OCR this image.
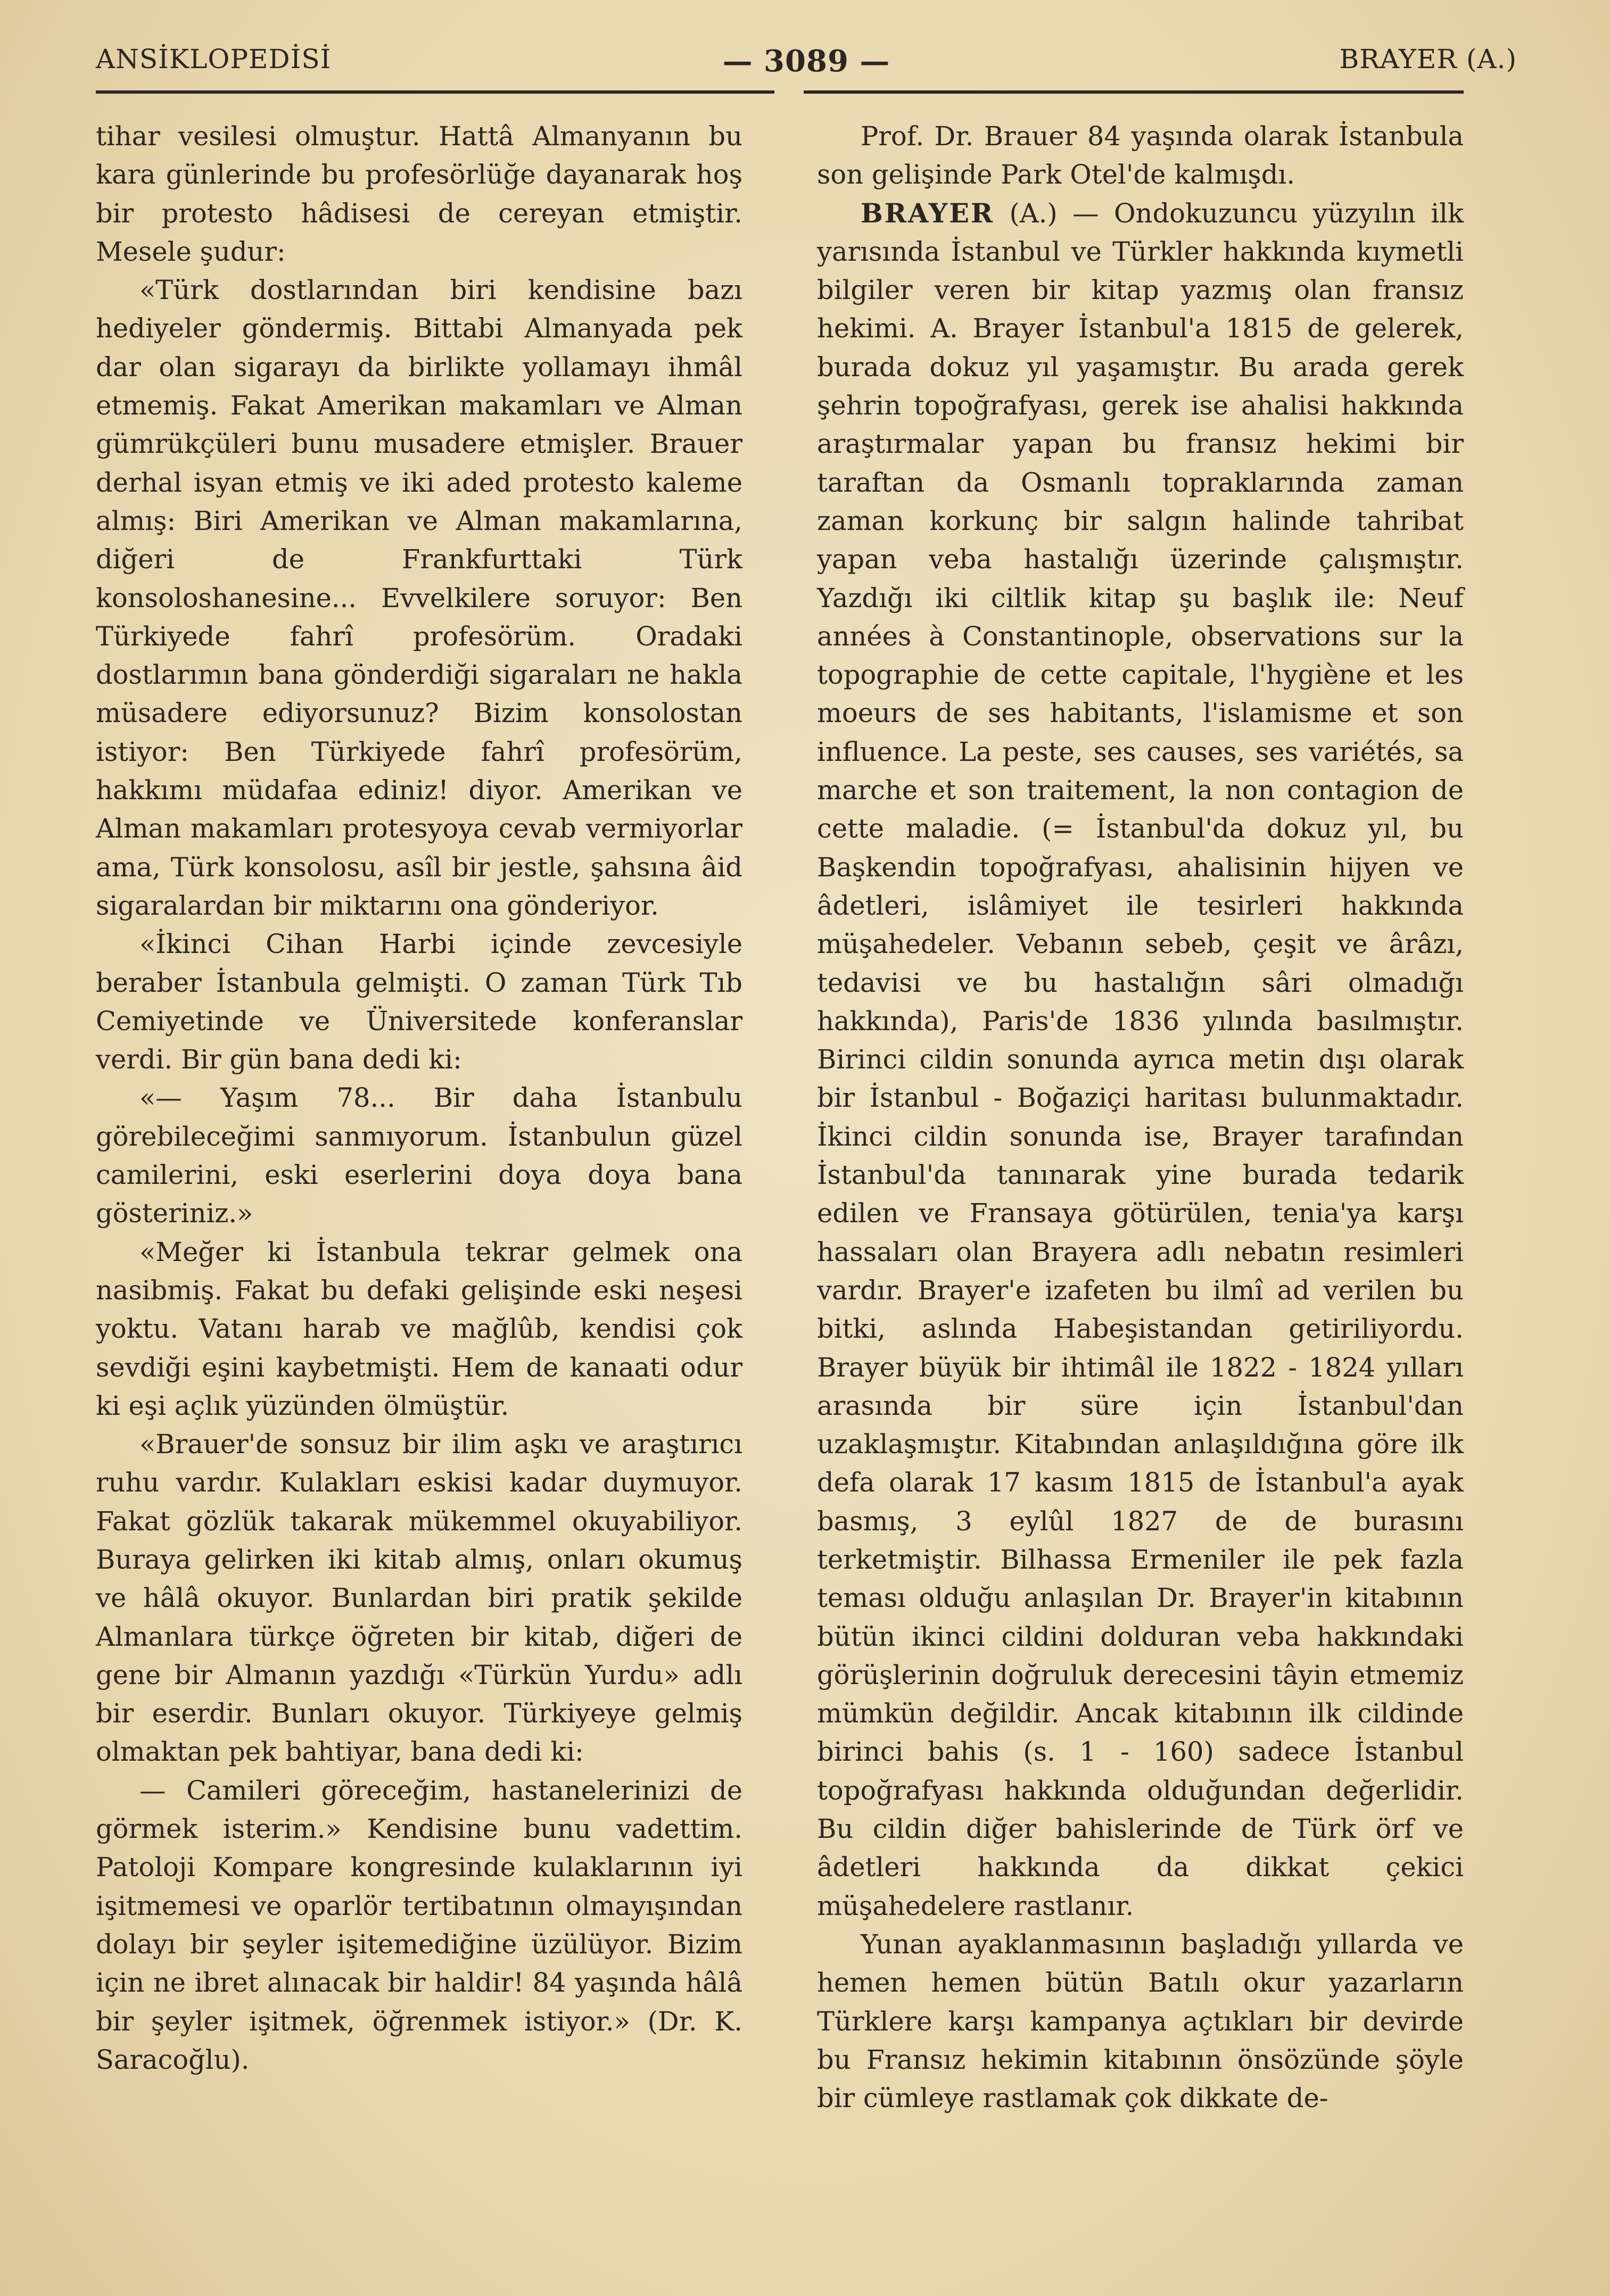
ANSİKLOPEDİSİ	— 3089 —	BRAYER (A.)

tihar vesilesi olmuştur. Hattâ Almanyanın bu kara günlerinde bu profesörlüğe dayanarak hoş bir protesto hâdisesi de cereyan etmiştir. Mesele şudur:

«Türk dostlarından biri kendisine bazı hediyeler göndermiş. Bittabi Almanyada pek dar olan sigarayı da birlikte yollamayı ihmâl etmemiş. Fakat Amerikan makamları ve Alman gümrükçüleri bunu musadere etmişler. Brauer derhal isyan etmiş ve iki aded protesto kaleme almış: Biri Amerikan ve Alman makamlarına, diğeri de Frankfurttaki Türk konsoloshanesine... Evvelkilere soruyor: Ben Türkiyede fahrî profesörüm. Oradaki dostlarımın bana gönderdiği sigaraları ne hakla müsadere ediyorsunuz? Bizim konsolostan istiyor: Ben Türkiyede fahrî profesörüm, hakkımı müdafaa ediniz! diyor. Amerikan ve Alman makamları protesyoya cevab vermiyorlar ama, Türk konsolosu, asîl bir jestle, şahsına âid sigaralardan bir miktarını ona gönderiyor.

«İkinci Cihan Harbi içinde zevcesiyle beraber İstanbula gelmişti. O zaman Türk Tıb Cemiyetinde ve Üniversitede konferanslar verdi. Bir gün bana dedi ki:

«— Yaşım 78... Bir daha İstanbulu görebileceğimi sanmıyorum. İstanbulun güzel camilerini, eski eserlerini doya doya bana gösteriniz.»

«Meğer ki İstanbula tekrar gelmek ona nasibmiş. Fakat bu defaki gelişinde eski neşesi yoktu. Vatanı harab ve mağlûb, kendisi çok sevdiği eşini kaybetmişti. Hem de kanaati odur ki eşi açlık yüzünden ölmüştür.

«Brauer'de sonsuz bir ilim aşkı ve araştırıcı ruhu vardır. Kulakları eskisi kadar duymuyor. Fakat gözlük takarak mükemmel okuyabiliyor. Buraya gelirken iki kitab almış, onları okumuş ve hâlâ okuyor. Bunlardan biri pratik şekilde Almanlara türkçe öğreten bir kitab, diğeri de gene bir Almanın yazdığı «Türkün Yurdu» adlı bir eserdir. Bunları okuyor. Türkiyeye gelmiş olmaktan pek bahtiyar, bana dedi ki:

— Camileri göreceğim, hastanelerinizi de görmek isterim.» Kendisine bunu vadettim. Patoloji Kompare kongresinde kulaklarının iyi işitmemesi ve oparlör tertibatının olmayışından dolayı bir şeyler işitemediğine üzülüyor. Bizim için ne ibret alınacak bir haldir! 84 yaşında hâlâ bir şeyler işitmek, öğrenmek istiyor.» (Dr. K. Saracoğlu).

Prof. Dr. Brauer 84 yaşında olarak İstanbula son gelişinde Park Otel'de kalmışdı.

BRAYER (A.) — Ondokuzuncu yüzyılın ilk yarısında İstanbul ve Türkler hakkında kıymetli bilgiler veren bir kitap yazmış olan fransız hekimi. A. Brayer İstanbul'a 1815 de gelerek, burada dokuz yıl yaşamıştır. Bu arada gerek şehrin topoğrafyası, gerek ise ahalisi hakkında araştırmalar yapan bu fransız hekimi bir taraftan da Osmanlı topraklarında zaman zaman korkunç bir salgın halinde tahribat yapan veba hastalığı üzerinde çalışmıştır. Yazdığı iki ciltlik kitap şu başlık ile: Neuf années à Constantinople, observations sur la topographie de cette capitale, l'hygiène et les moeurs de ses habitants, l'islamisme et son influence. La peste, ses causes, ses variétés, sa marche et son traitement, la non contagion de cette maladie. (= İstanbul'da dokuz yıl, bu Başkendin topoğrafyası, ahalisinin hijyen ve âdetleri, islâmiyet ile tesirleri hakkında müşahedeler. Vebanın sebeb, çeşit ve ârâzı, tedavisi ve bu hastalığın sâri olmadığı hakkında), Paris'de 1836 yılında basılmıştır. Birinci cildin sonunda ayrıca metin dışı olarak bir İstanbul - Boğaziçi haritası bulunmaktadır. İkinci cildin sonunda ise, Brayer tarafından İstanbul'da tanınarak yine burada tedarik edilen ve Fransaya götürülen, tenia'ya karşı hassaları olan Brayera adlı nebatın resimleri vardır. Brayer'e izafeten bu ilmî ad verilen bu bitki, aslında Habeşistandan getiriliyordu. Brayer büyük bir ihtimâl ile 1822 - 1824 yılları arasında bir süre için İstanbul'dan uzaklaşmıştır. Kitabından anlaşıldığına göre ilk defa olarak 17 kasım 1815 de İstanbul'a ayak basmış, 3 eylûl 1827 de de burasını terketmiştir. Bilhassa Ermeniler ile pek fazla teması olduğu anlaşılan Dr. Brayer'in kitabının bütün ikinci cildini dolduran veba hakkındaki görüşlerinin doğruluk derecesini tâyin etmemiz mümkün değildir. Ancak kitabının ilk cildinde birinci bahis (s. 1 - 160) sadece İstanbul topoğrafyası hakkında olduğundan değerlidir. Bu cildin diğer bahislerinde de Türk örf ve âdetleri hakkında da dikkat çekici müşahedelere rastlanır.

Yunan ayaklanmasının başladığı yıllarda ve hemen hemen bütün Batılı okur yazarların Türklere karşı kampanya açtıkları bir devirde bu Fransız hekimin kitabının önsözünde şöyle bir cümleye rastlamak çok dikkate de-
